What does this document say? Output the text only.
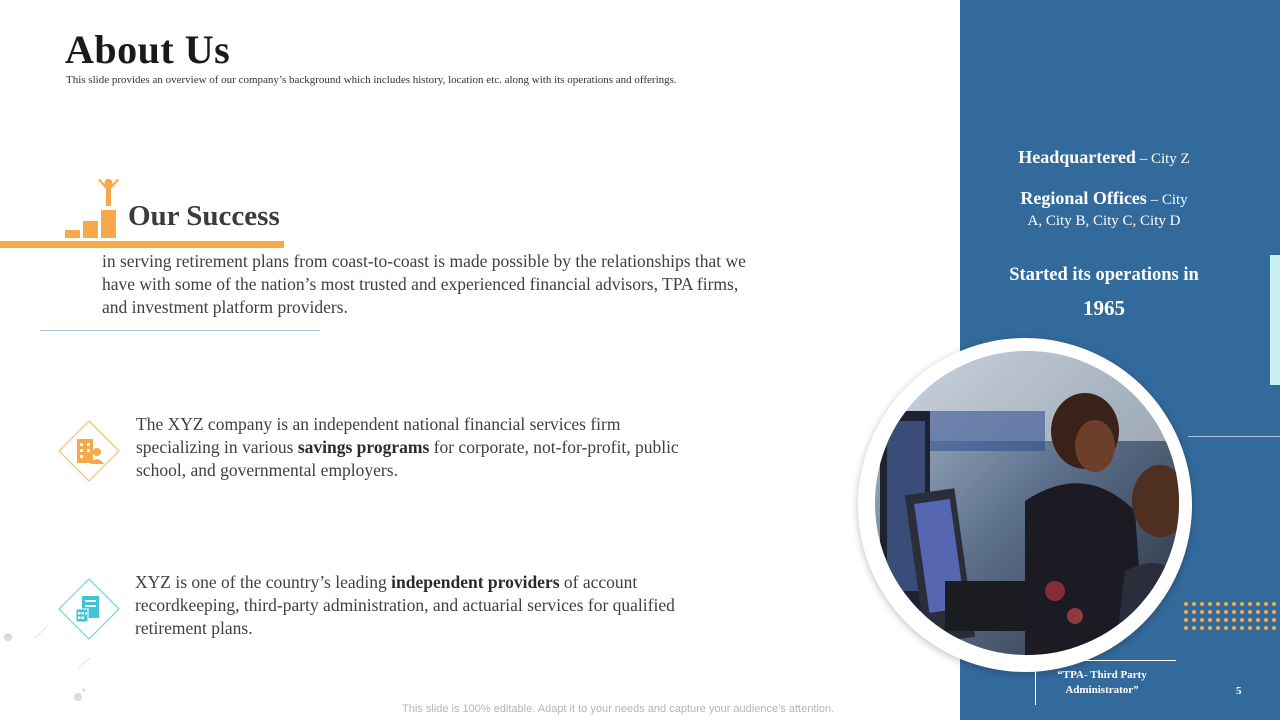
About Us
This slide provides an overview of our company’s background which includes history, location etc. along with its operations and offerings.
Our Success
in serving retirement plans from coast-to-coast is made possible by the relationships that we have with some of the nation’s most trusted and experienced financial advisors, TPA firms, and investment platform providers.
The XYZ company is an independent national financial services firm specializing in various savings programs for corporate, not-for-profit, public school, and governmental employers.
XYZ is one of the country’s leading independent providers of account recordkeeping, third-party administration, and actuarial services for qualified retirement plans.
Headquartered – City Z
Regional Offices – City
A, City B, City C, City D
Started its operations in
1965
“TPA- Third Party Administrator”	5
This slide is 100% editable. Adapt it to your needs and capture your audience’s attention.
